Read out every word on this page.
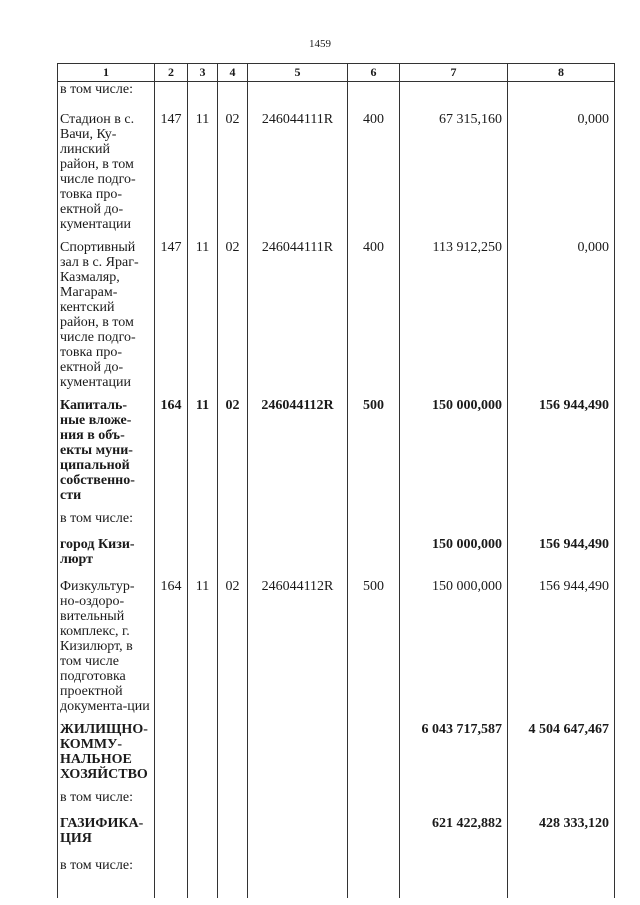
1459
1	2	3	4	5	6	7	8
в том числе:							
Стадион в с. Вачи, Ку-линский район, в том числе подго-товка про-ектной до-кументации	147	11	02	246044111R	400	67 315,160	0,000
Спортивный зал в с. Яраг-Казмаляр, Магарам-кентский район, в том числе подго-товка про-ектной до-кументации	147	11	02	246044111R	400	113 912,250	0,000
Капиталь-ные вложе-ния в объ-екты муни-ципальной собственно-сти	164	11	02	246044112R	500	150 000,000	156 944,490
в том числе:							
город Кизи-люрт						150 000,000	156 944,490
Физкультур-но-оздоро-вительный комплекс, г. Кизилюрт, в том числе подготовка проектной документа-ции	164	11	02	246044112R	500	150 000,000	156 944,490
ЖИЛИЩНО-КОММУ-НАЛЬНОЕ ХОЗЯЙСТВО						6 043 717,587	4 504 647,467
в том числе:							
ГАЗИФИКА-ЦИЯ						621 422,882	428 333,120
в том числе:							
